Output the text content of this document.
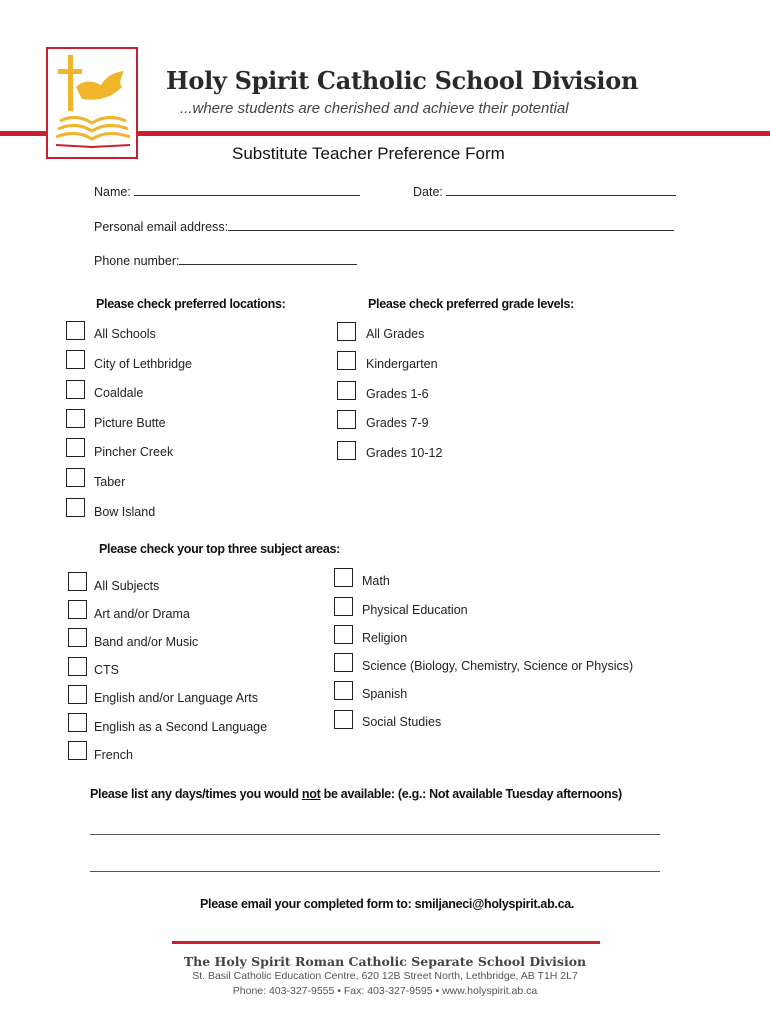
Holy Spirit Catholic School Division
...where students are cherished and achieve their potential
Substitute Teacher Preference Form
Name:	Date:
Personal email address:
Phone number:
Please check preferred locations:
All Schools
City of Lethbridge
Coaldale
Picture Butte
Pincher Creek
Taber
Bow Island
Please check preferred grade levels:
All Grades
Kindergarten
Grades 1-6
Grades 7-9
Grades 10-12
Please check your top three subject areas:
All Subjects
Art and/or Drama
Band and/or Music
CTS
English and/or Language Arts
English as a Second Language
French
Math
Physical Education
Religion
Science (Biology, Chemistry, Science or Physics)
Spanish
Social Studies
Please list any days/times you would not be available: (e.g.: Not available Tuesday afternoons)
Please email your completed form to: smiljaneci@holyspirit.ab.ca.
The Holy Spirit Roman Catholic Separate School Division
St. Basil Catholic Education Centre, 620 12B Street North, Lethbridge, AB T1H 2L7
Phone: 403-327-9555 • Fax: 403-327-9595 • www.holyspirit.ab.ca
